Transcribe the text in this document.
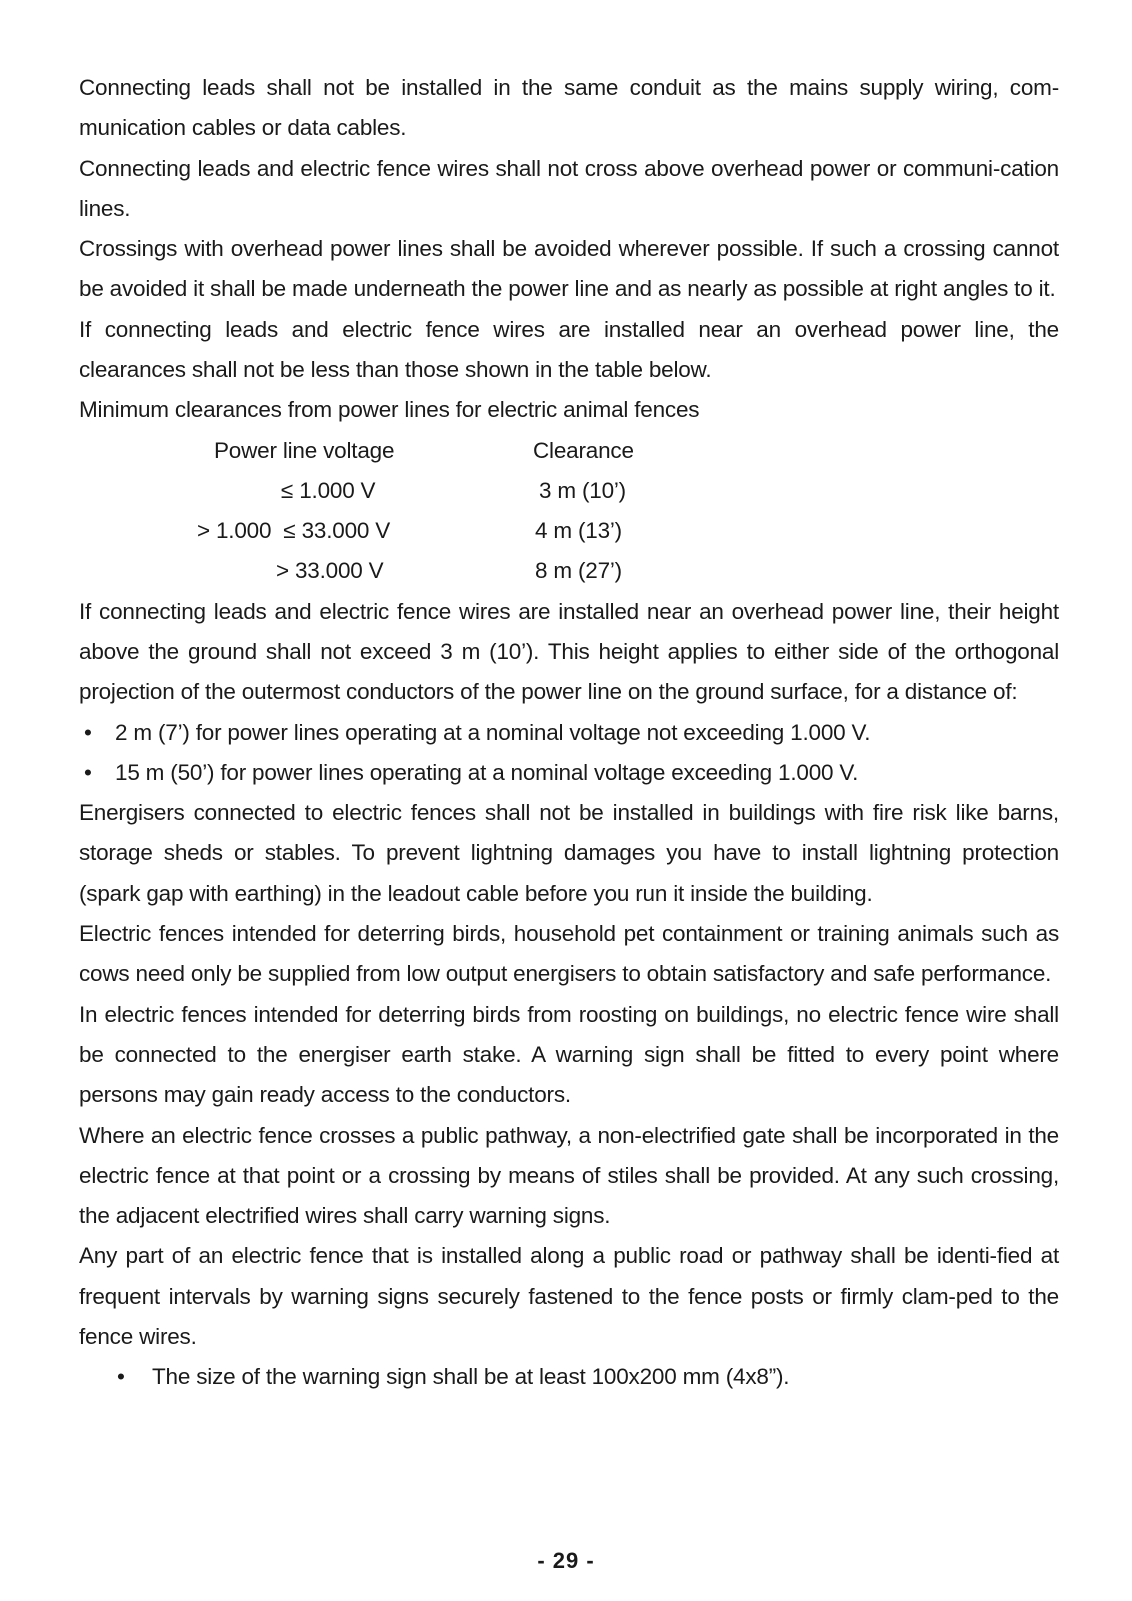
Connecting leads shall not be installed in the same conduit as the mains supply wiring, com-munication cables or data cables.

Connecting leads and electric fence wires shall not cross above overhead power or communi-cation lines.

Crossings with overhead power lines shall be avoided wherever possible. If such a crossing cannot be avoided it shall be made underneath the power line and as nearly as possible at right angles to it.

If connecting leads and electric fence wires are installed near an overhead power line, the clearances shall not be less than those shown in the table below.

Minimum clearances from power lines for electric animal fences

Power line voltage	Clearance
≤ 1.000 V	3 m (10’)
> 1.000  ≤ 33.000 V	4 m (13’)
> 33.000 V	8 m (27’)

If connecting leads and electric fence wires are installed near an overhead power line, their height above the ground shall not exceed 3 m (10’). This height applies to either side of the orthogonal projection of the outermost conductors of the power line on the ground surface, for a distance of:

• 2 m (7’) for power lines operating at a nominal voltage not exceeding 1.000 V.
• 15 m (50’) for power lines operating at a nominal voltage exceeding 1.000 V.

Energisers connected to electric fences shall not be installed in buildings with fire risk like barns, storage sheds or stables. To prevent lightning damages you have to install lightning protection (spark gap with earthing) in the leadout cable before you run it inside the building.

Electric fences intended for deterring birds, household pet containment or training animals such as cows need only be supplied from low output energisers to obtain satisfactory and safe performance.

In electric fences intended for deterring birds from roosting on buildings, no electric fence wire shall be connected to the energiser earth stake. A warning sign shall be fitted to every point where persons may gain ready access to the conductors.

Where an electric fence crosses a public pathway, a non-electrified gate shall be incorporated in the electric fence at that point or a crossing by means of stiles shall be provided. At any such crossing, the adjacent electrified wires shall carry warning signs.

Any part of an electric fence that is installed along a public road or pathway shall be identi-fied at frequent intervals by warning signs securely fastened to the fence posts or firmly clam-ped to the fence wires.

• The size of the warning sign shall be at least 100x200 mm (4x8”).
- 29 -
